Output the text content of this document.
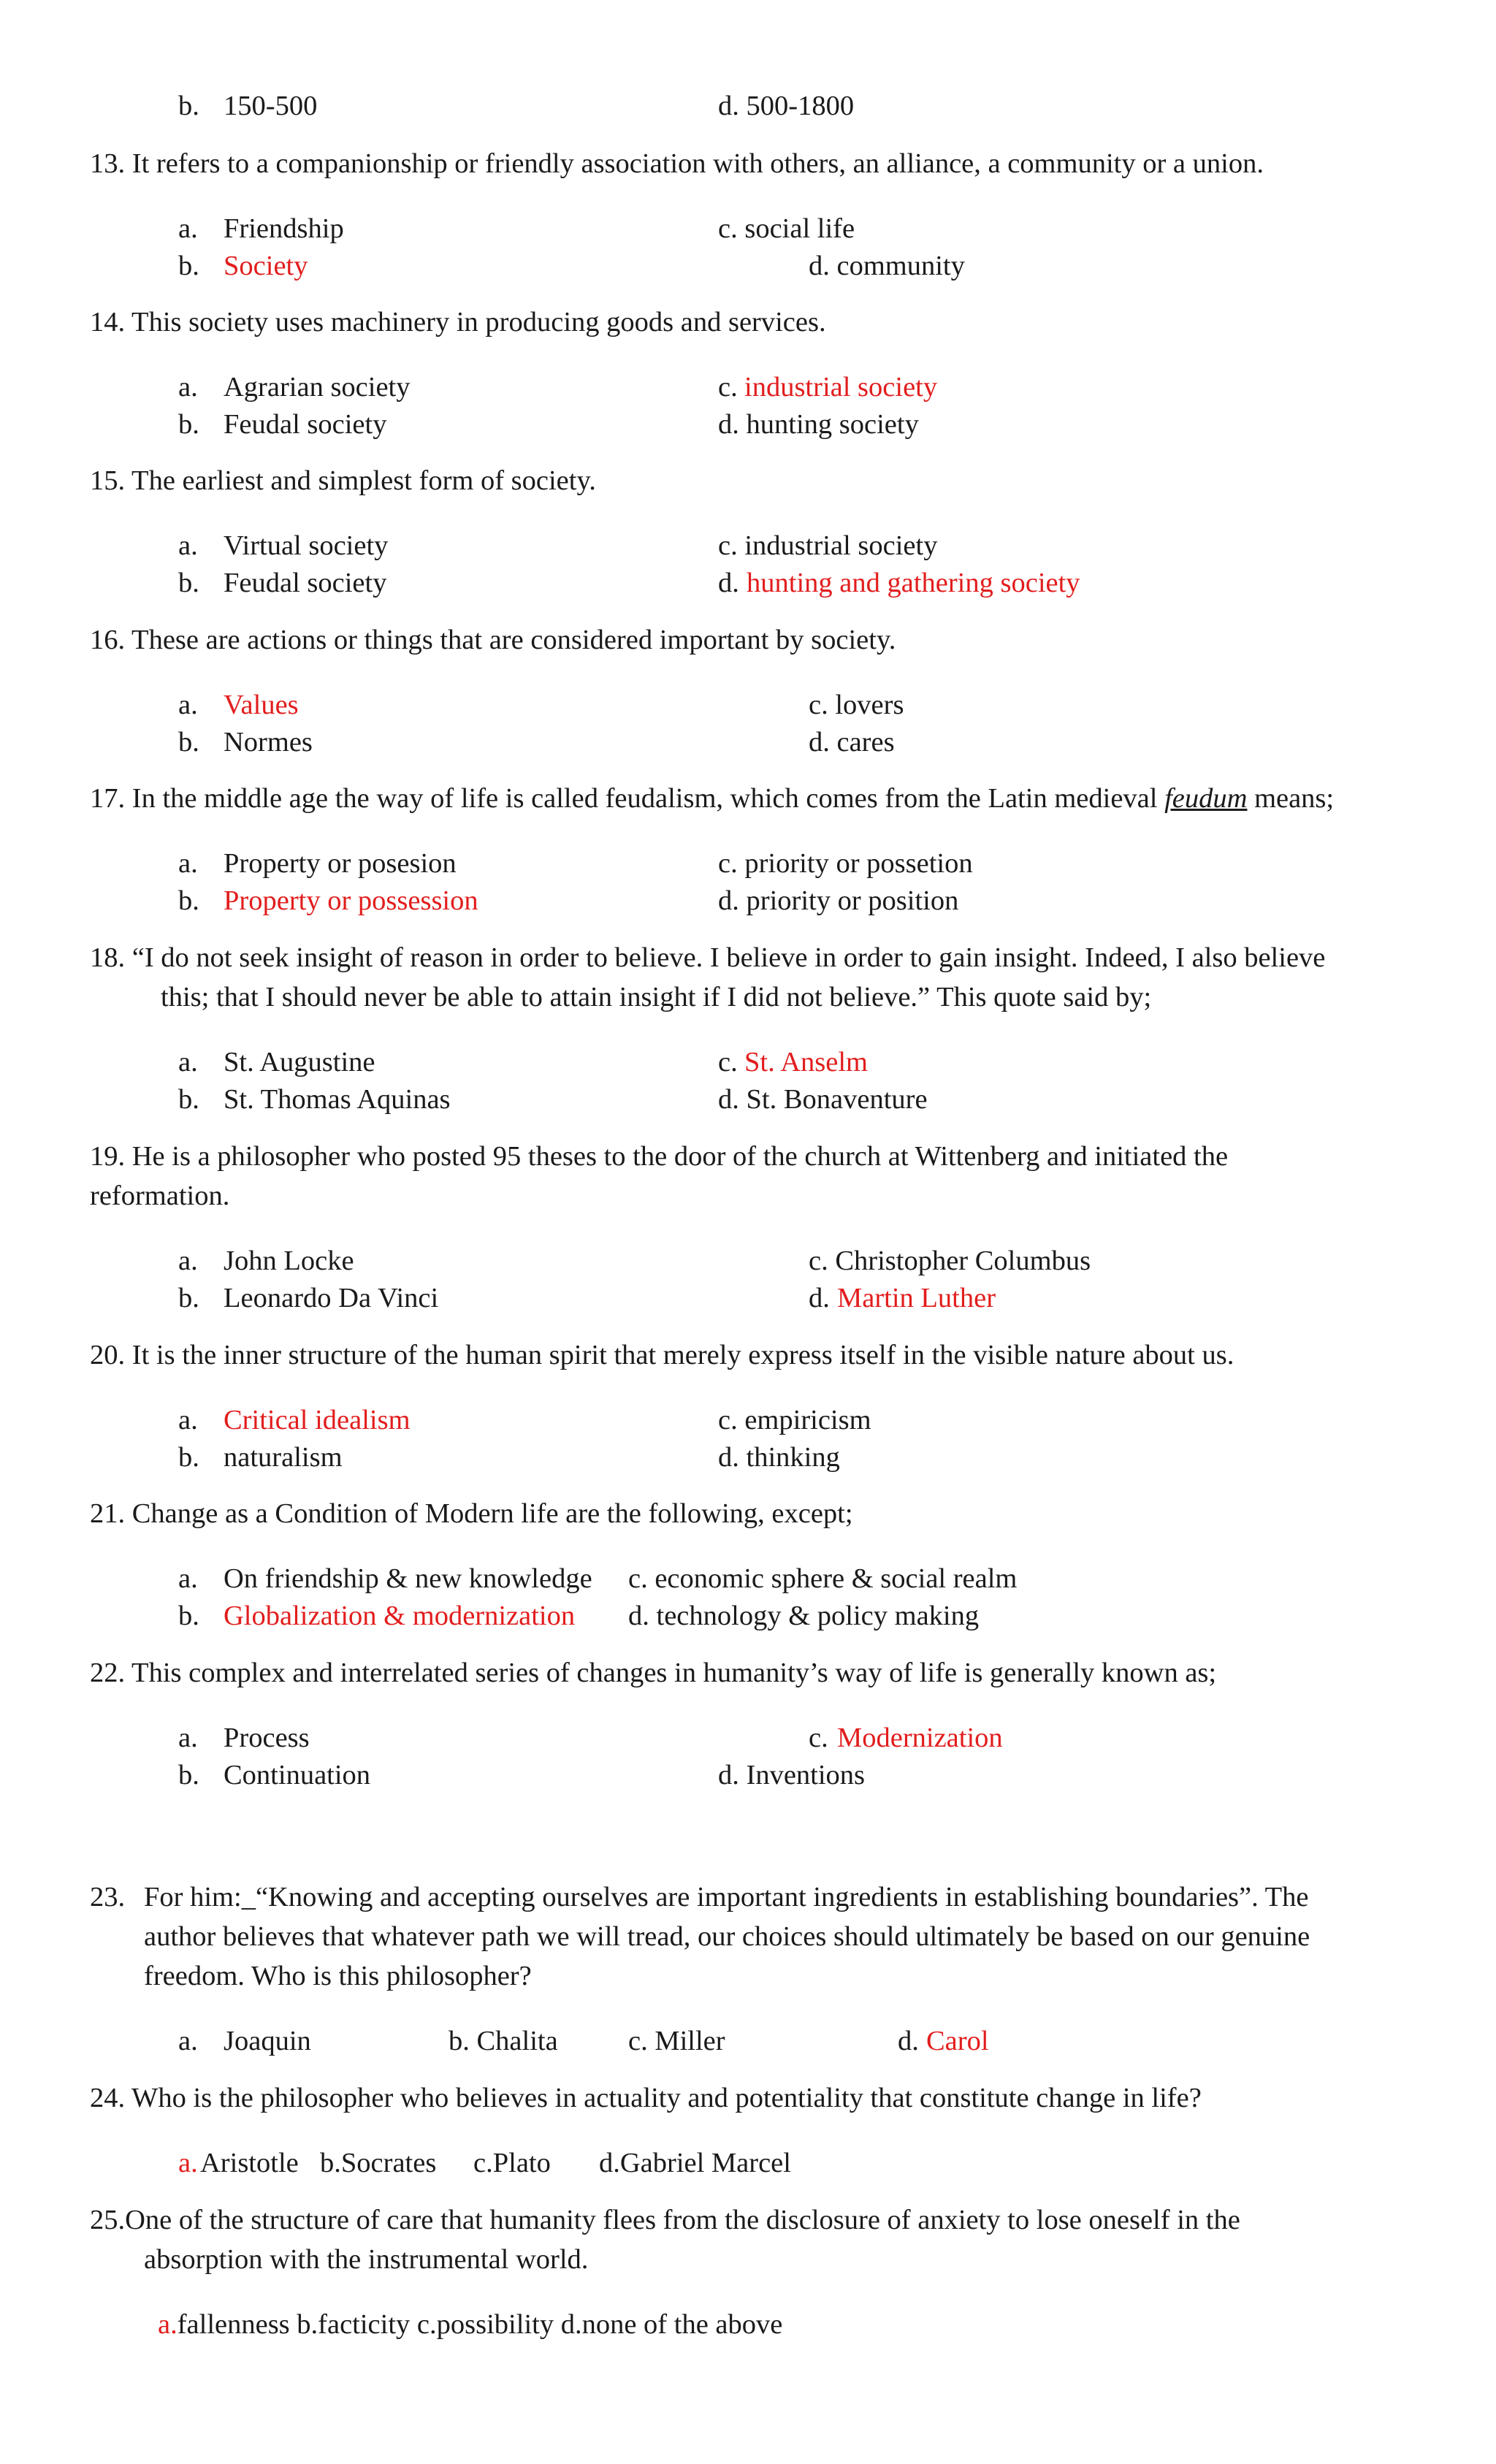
b. 150-500	d. 500-1800
13. It refers to a companionship or friendly association with others, an alliance, a community or a union.
a. Friendship	c. social life
b. Society	d. community
14. This society uses machinery in producing goods and services.
a. Agrarian society	c. industrial society
b. Feudal society	d. hunting society
15. The earliest and simplest form of society.
a. Virtual society	c. industrial society
b. Feudal society	d. hunting and gathering society
16. These are actions or things that are considered important by society.
a. Values	c. lovers
b. Normes	d. cares
17. In the middle age the way of life is called feudalism, which comes from the Latin medieval feudum means;
a. Property or posesion	c. priority or possetion
b. Property or possession	d. priority or position
18. “I do not seek insight of reason in order to believe. I believe in order to gain insight. Indeed, I also believe
this; that I should never be able to attain insight if I did not believe.” This quote said by;
a. St. Augustine	c. St. Anselm
b. St. Thomas Aquinas	d. St. Bonaventure
19. He is a philosopher who posted 95 theses to the door of the church at Wittenberg and initiated the
reformation.
a. John Locke	c. Christopher Columbus
b. Leonardo Da Vinci	d. Martin Luther
20. It is the inner structure of the human spirit that merely express itself in the visible nature about us.
a. Critical idealism	c. empiricism
b. naturalism	d. thinking
21. Change as a Condition of Modern life are the following, except;
a. On friendship & new knowledge c. economic sphere & social realm
b. Globalization & modernization d. technology & policy making
22. This complex and interrelated series of changes in humanity’s way of life is generally known as;
a. Process	c. Modernization
b. Continuation	d. Inventions
23. For him:_“Knowing and accepting ourselves are important ingredients in establishing boundaries”. The
author believes that whatever path we will tread, our choices should ultimately be based on our genuine
freedom. Who is this philosopher?
a. Joaquin	b. Chalita	c. Miller	d. Carol
24. Who is the philosopher who believes in actuality and potentiality that constitute change in life?
a. Aristotle b.Socrates c.Plato d.Gabriel Marcel
25.One of the structure of care that humanity flees from the disclosure of anxiety to lose oneself in the
absorption with the instrumental world.
a.fallenness b.facticity c.possibility d.none of the above
